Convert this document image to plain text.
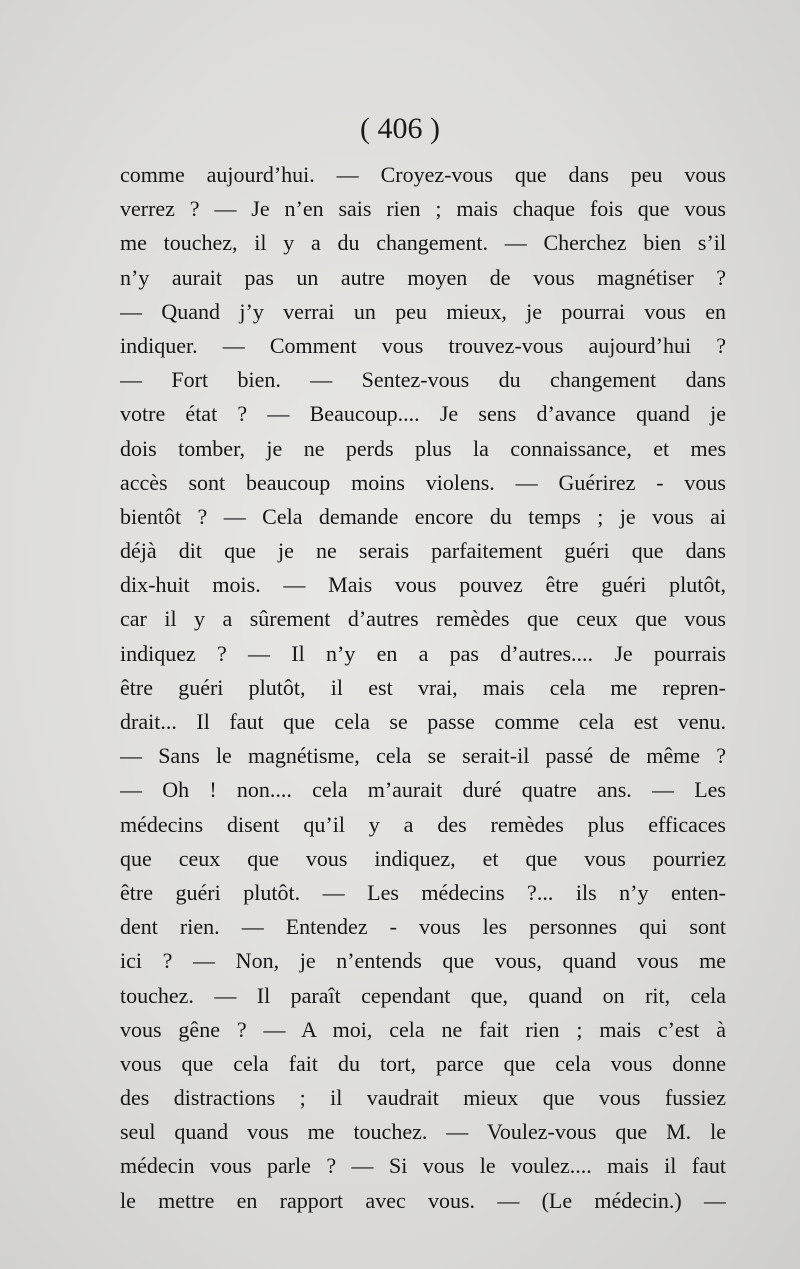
( 406 )
comme aujourd’hui. — Croyez-vous que dans peu vous
verrez ? — Je n’en sais rien ; mais chaque fois que vous
me touchez, il y a du changement. — Cherchez bien s’il
n’y aurait pas un autre moyen de vous magnétiser ?
— Quand j’y verrai un peu mieux, je pourrai vous en
indiquer. — Comment vous trouvez-vous aujourd’hui ?
— Fort bien. — Sentez-vous du changement dans
votre état ? — Beaucoup.... Je sens d’avance quand je
dois tomber, je ne perds plus la connaissance, et mes
accès sont beaucoup moins violens. — Guérirez - vous
bientôt ? — Cela demande encore du temps ; je vous ai
déjà dit que je ne serais parfaitement guéri que dans
dix-huit mois. — Mais vous pouvez être guéri plutôt,
car il y a sûrement d’autres remèdes que ceux que vous
indiquez ? — Il n’y en a pas d’autres.... Je pourrais
être guéri plutôt, il est vrai, mais cela me repren-
drait... Il faut que cela se passe comme cela est venu.
— Sans le magnétisme, cela se serait-il passé de même ?
— Oh ! non.... cela m’aurait duré quatre ans. — Les
médecins disent qu’il y a des remèdes plus efficaces
que ceux que vous indiquez, et que vous pourriez
être guéri plutôt. — Les médecins ?... ils n’y enten-
dent rien. — Entendez - vous les personnes qui sont
ici ? — Non, je n’entends que vous, quand vous me
touchez. — Il paraît cependant que, quand on rit, cela
vous gêne ? — A moi, cela ne fait rien ; mais c’est à
vous que cela fait du tort, parce que cela vous donne
des distractions ; il vaudrait mieux que vous fussiez
seul quand vous me touchez. — Voulez-vous que M. le
médecin vous parle ? — Si vous le voulez.... mais il faut
le mettre en rapport avec vous. — (Le médecin.) —
